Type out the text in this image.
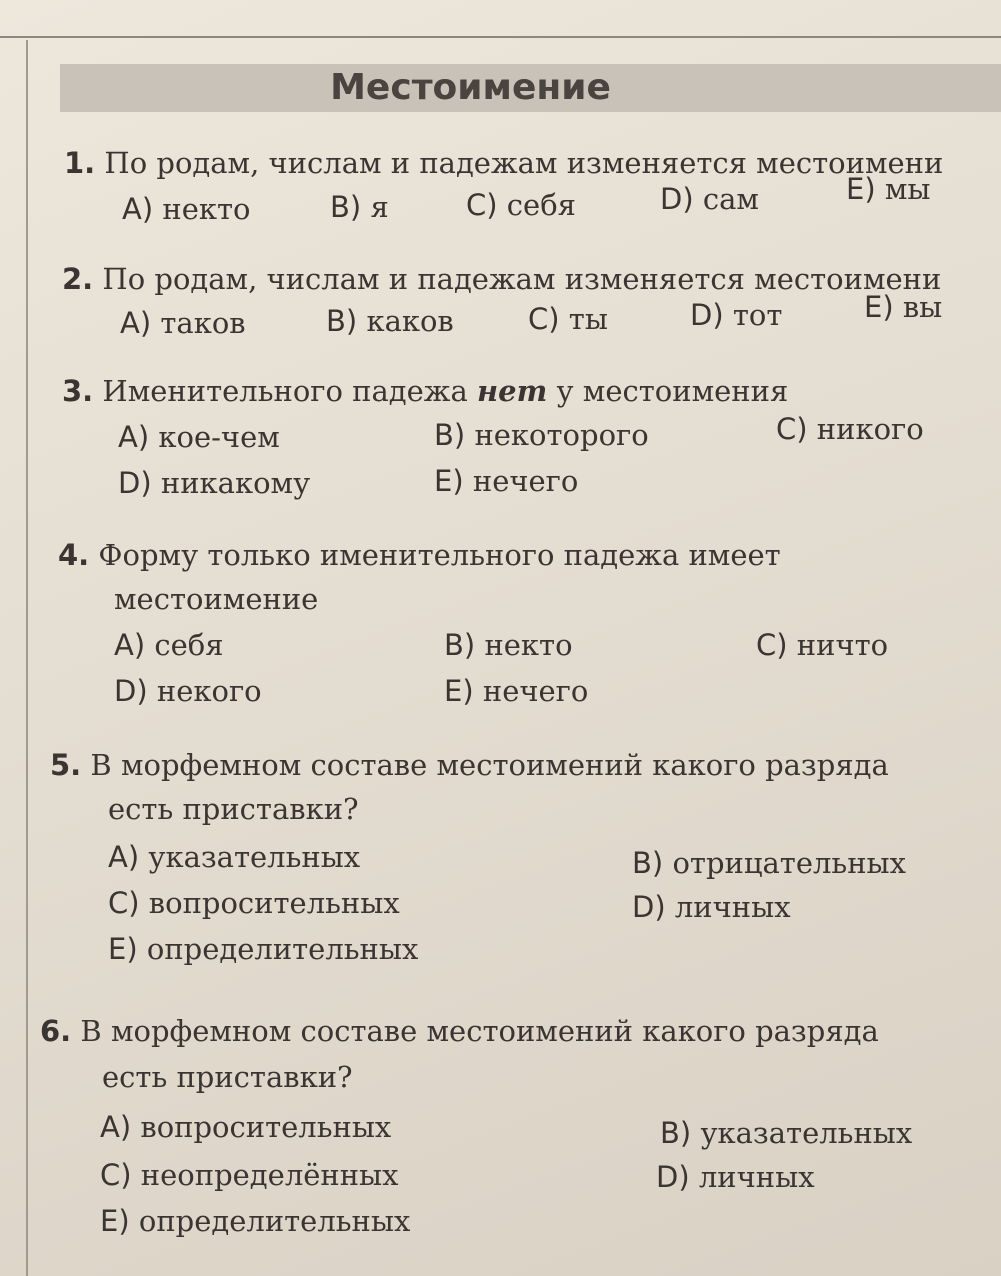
Местоимение
1. По родам, числам и падежам изменяется местоимени
A) некто	B) я	C) себя	D) сам	E) мы
2. По родам, числам и падежам изменяется местоимени
A) таков	B) каков	C) ты	D) тот	E) вы
3. Именительного падежа нет у местоимения
A) кое-чем	B) некоторого	C) никого
D) никакому	E) нечего
4. Форму только именительного падежа имеет
местоимение
A) себя	B) некто	C) ничто
D) некого	E) нечего
5. В морфемном составе местоимений какого разряда
есть приставки?
A) указательных	B) отрицательных
C) вопросительных	D) личных
E) определительных
6. В морфемном составе местоимений какого разряда
есть приставки?
A) вопросительных	B) указательных
C) неопределённых	D) личных
E) определительных
